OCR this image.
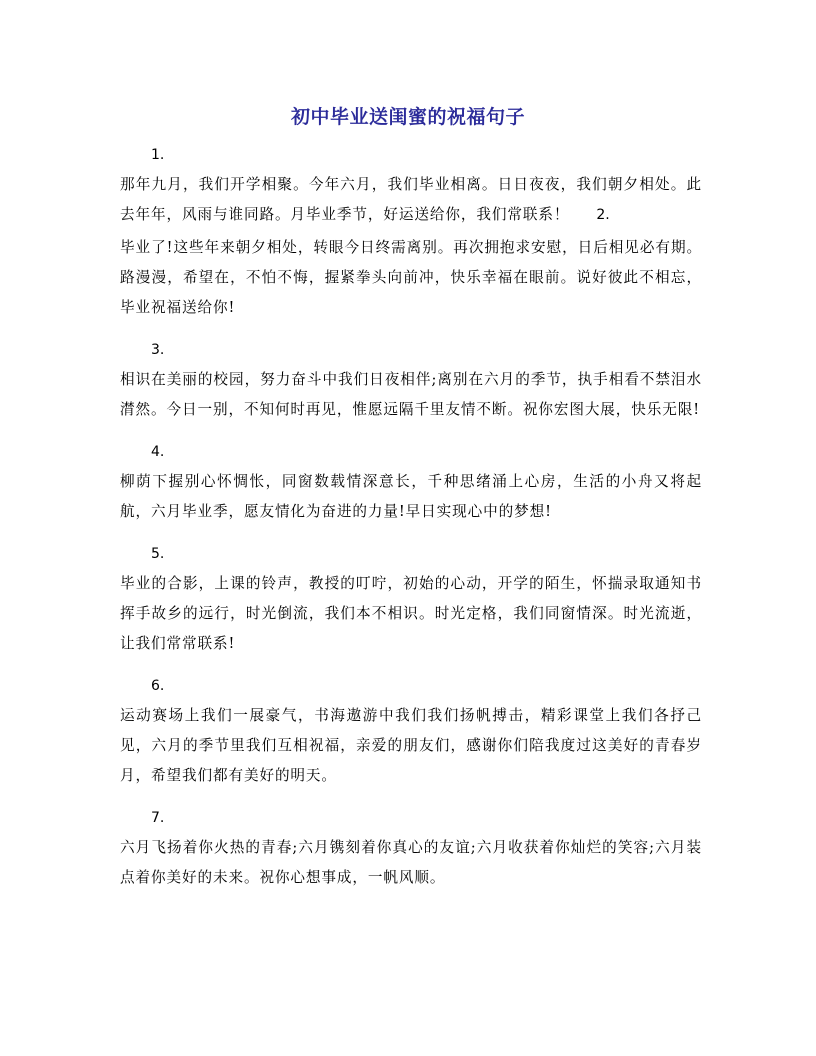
初中毕业送闺蜜的祝福句子
1.

那年九月，我们开学相聚。今年六月，我们毕业相离。日日夜夜，我们朝夕相处。此去年年，风雨与谁同路。月毕业季节，好运送给你，我们常联系！ 2.

毕业了!这些年来朝夕相处，转眼今日终需离别。再次拥抱求安慰，日后相见必有期。路漫漫，希望在，不怕不悔，握紧拳头向前冲，快乐幸福在眼前。说好彼此不相忘，毕业祝福送给你!

3.

相识在美丽的校园，努力奋斗中我们日夜相伴;离别在六月的季节，执手相看不禁泪水潸然。今日一别，不知何时再见，惟愿远隔千里友情不断。祝你宏图大展，快乐无限!

4.

柳荫下握别心怀惆怅，同窗数载情深意长，千种思绪涌上心房，生活的小舟又将起航，六月毕业季，愿友情化为奋进的力量!早日实现心中的梦想!

5.

毕业的合影，上课的铃声，教授的叮咛，初始的心动，开学的陌生，怀揣录取通知书挥手故乡的远行，时光倒流，我们本不相识。时光定格，我们同窗情深。时光流逝，让我们常常联系!

6.

运动赛场上我们一展豪气，书海遨游中我们我们扬帆搏击，精彩课堂上我们各抒己见，六月的季节里我们互相祝福，亲爱的朋友们，感谢你们陪我度过这美好的青春岁月，希望我们都有美好的明天。

7.

六月飞扬着你火热的青春;六月镌刻着你真心的友谊;六月收获着你灿烂的笑容;六月装点着你美好的未来。祝你心想事成，一帆风顺。
